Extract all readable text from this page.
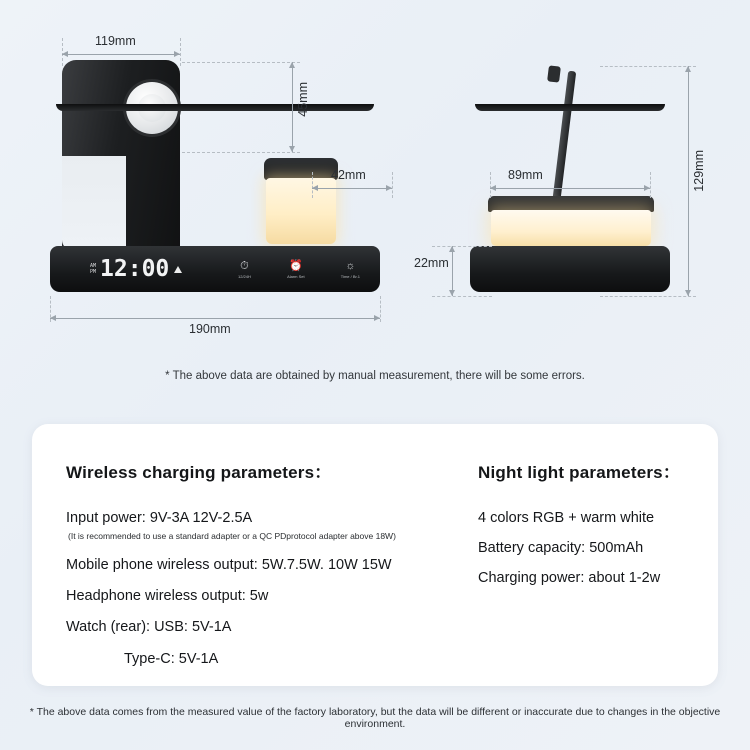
AM
PM 12:00	⏱
12/24H
⏰
Alarm Set
☼
Time / Br.1
119mm
45mm
42mm
190mm
89mm	129mm
22mm
* The above data are obtained by manual measurement, there will be some errors.
Wireless charging parameters：
Input power: 9V-3A 12V-2.5A
(It is recommended to use a standard adapter or a QC PDprotocol adapter above 18W)
Mobile phone wireless output: 5W.7.5W. 10W 15W
Headphone wireless output: 5w
Watch (rear): USB: 5V-1A
Type-C: 5V-1A
Night light parameters：
4 colors RGB + warm white
Battery capacity: 500mAh
Charging power: about 1-2w
* The above data comes from the measured value of the factory laboratory, but the data will be different or inaccurate due to changes in the objective environment.
